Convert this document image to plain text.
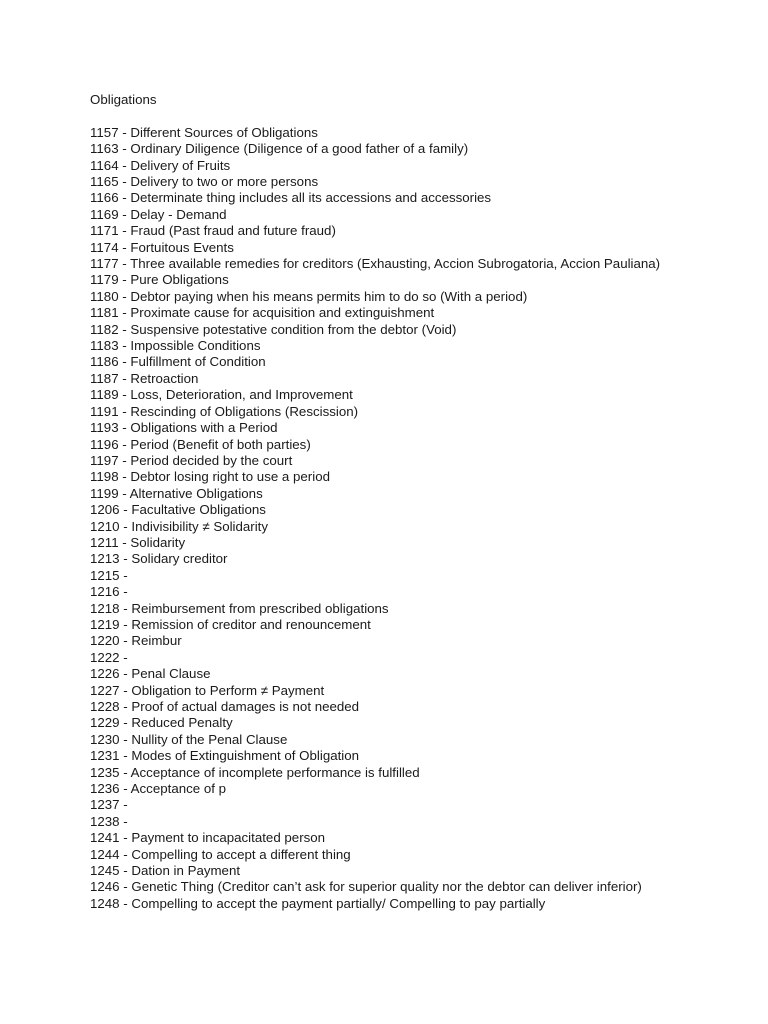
Obligations

1157 - Different Sources of Obligations
1163 - Ordinary Diligence (Diligence of a good father of a family)
1164 - Delivery of Fruits
1165 - Delivery to two or more persons
1166 - Determinate thing includes all its accessions and accessories
1169 - Delay - Demand
1171 - Fraud (Past fraud and future fraud)
1174 - Fortuitous Events
1177 - Three available remedies for creditors (Exhausting, Accion Subrogatoria, Accion Pauliana)
1179 - Pure Obligations
1180 - Debtor paying when his means permits him to do so (With a period)
1181 - Proximate cause for acquisition and extinguishment
1182 - Suspensive potestative condition from the debtor (Void)
1183 - Impossible Conditions
1186 - Fulfillment of Condition
1187 - Retroaction
1189 - Loss, Deterioration, and Improvement
1191 - Rescinding of Obligations (Rescission)
1193 - Obligations with a Period
1196 - Period (Benefit of both parties)
1197 - Period decided by the court
1198 - Debtor losing right to use a period
1199 - Alternative Obligations
1206 - Facultative Obligations
1210 - Indivisibility ≠ Solidarity
1211 - Solidarity
1213 - Solidary creditor
1215 -
1216 -
1218 - Reimbursement from prescribed obligations
1219 - Remission of creditor and renouncement
1220 - Reimbur
1222 -
1226 - Penal Clause
1227 - Obligation to Perform ≠ Payment
1228 - Proof of actual damages is not needed
1229 - Reduced Penalty
1230 - Nullity of the Penal Clause
1231 - Modes of Extinguishment of Obligation
1235 - Acceptance of incomplete performance is fulfilled
1236 - Acceptance of p
1237 -
1238 -
1241 - Payment to incapacitated person
1244 - Compelling to accept a different thing
1245 - Dation in Payment
1246 - Genetic Thing (Creditor can’t ask for superior quality nor the debtor can deliver inferior)
1248 - Compelling to accept the payment partially/ Compelling to pay partially
